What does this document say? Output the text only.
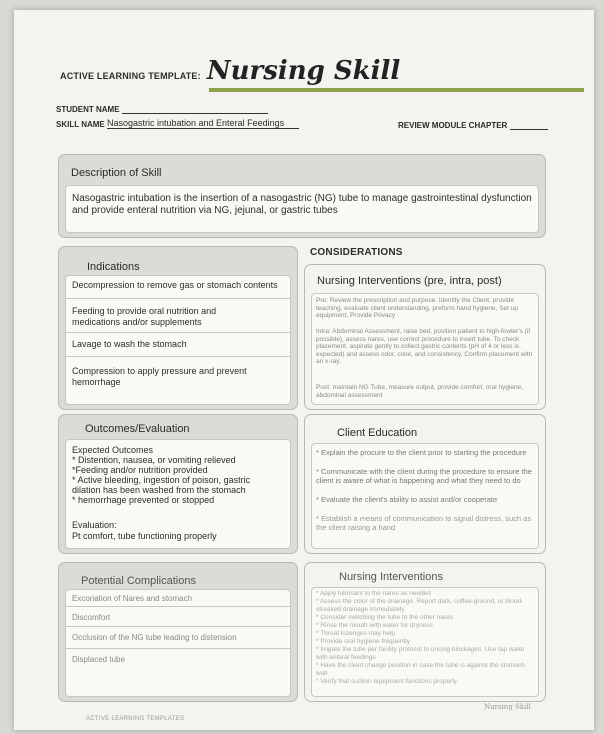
ACTIVE LEARNING TEMPLATE: Nursing Skill
STUDENT NAME
SKILL NAME Nasogastric intubation and Enteral Feedings	REVIEW MODULE CHAPTER
Description of Skill
Nasogastric intubation is the insertion of a nasogastric (NG) tube to manage gastrointestinal dysfunction and provide enteral nutrition via NG, jejunal, or gastric tubes
Indications
Decompression to remove gas or stomach contents
Feeding to provide oral nutrition and medications and/or supplements
Lavage to wash the stomach
Compression to apply pressure and prevent hemorrhage
CONSIDERATIONS
Nursing Interventions (pre, intra, post)
Pre: Review the prescription and purpose. Identify the Client, provide teaching, evaluate client understanding, preform hand hygiene, Set up equipment, Provide Privacy
Intra: Abdominal Assessment, raise bed, position patient to high-fowler's (if possible), assess nares, use correct procedure to insert tube. To check placement, aspirate gently to collect gastric contents (pH of 4 or less is expected) and assess odor, color, and consistency. Confirm placement with an x-ray.
Post: maintain NG Tube, measure output, provide comfort, oral hygiene, abdominal assessment
Outcomes/Evaluation
Expected Outcomes
* Distention, nausea, or vomiting relieved
*Feeding and/or nutrition provided
* Active bleeding, ingestion of poison, gastric dilation has been washed from the stomach
* hemorrhage prevented or stopped
Evaluation:
Pt comfort, tube functioning properly
Client Education
* Explain the procure to the client prior to starting the procedure
* Communicate with the client during the procedure to ensure the client is aware of what is happening and what they need to do
* Evaluate the client's ability to assist and/or cooperate
* Establish a means of communication to signal distress, such as the client raising a hand
Potential Complications
Excoriation of Nares and stomach
Discomfort
Occlusion of the NG tube leading to distension
Displaced tube
Nursing Interventions
* Apply lubricant to the nares as needed
* Assess the color of the drainage. Report dark, coffee-ground, or blood-streaked drainage immediately
* Consider switching the tube to the other nares
* Rinse the mouth with water for dryness
* Throat lozenges may help
* Provide oral hygiene frequently
* Irrigate the tube per facility protocol to unclog blockages. Use tap water with enteral feedings
* Have the client change position in case the tube is against the stomach wall
* Verify that suction equipment functions properly
ACTIVE LEARNING TEMPLATES
Nursing Skill
